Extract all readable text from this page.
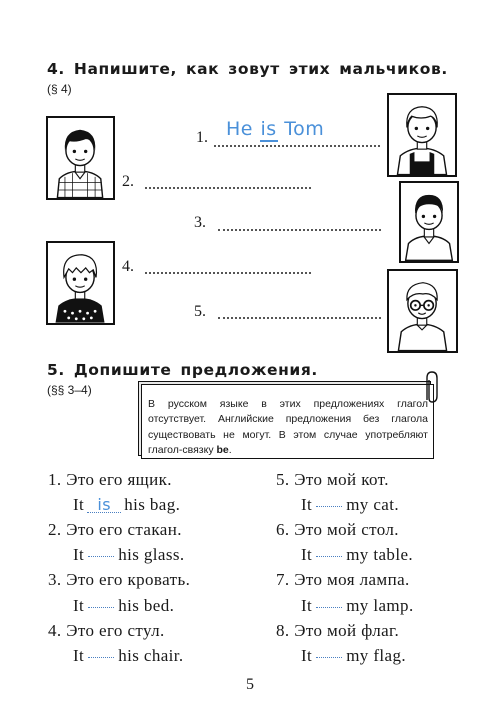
4. Напишите, как зовут этих мальчиков.
(§ 4)
1. He is Tom
2.
3.
4.
5.
5. Допишите предложения.
(§§ 3–4)
В русском языке в этих предложениях глагол отсутствует. Английские предложения без глагола существовать не могут. В этом случае употребляют глагол-связку be.
1. Это его ящик.
It is his bag.
2. Это его стакан.
It his glass.
3. Это его кровать.
It his bed.
4. Это его стул.
It his chair.
5. Это мой кот.
It my cat.
6. Это мой стол.
It my table.
7. Это моя лампа.
It my lamp.
8. Это мой флаг.
It my flag.
5
